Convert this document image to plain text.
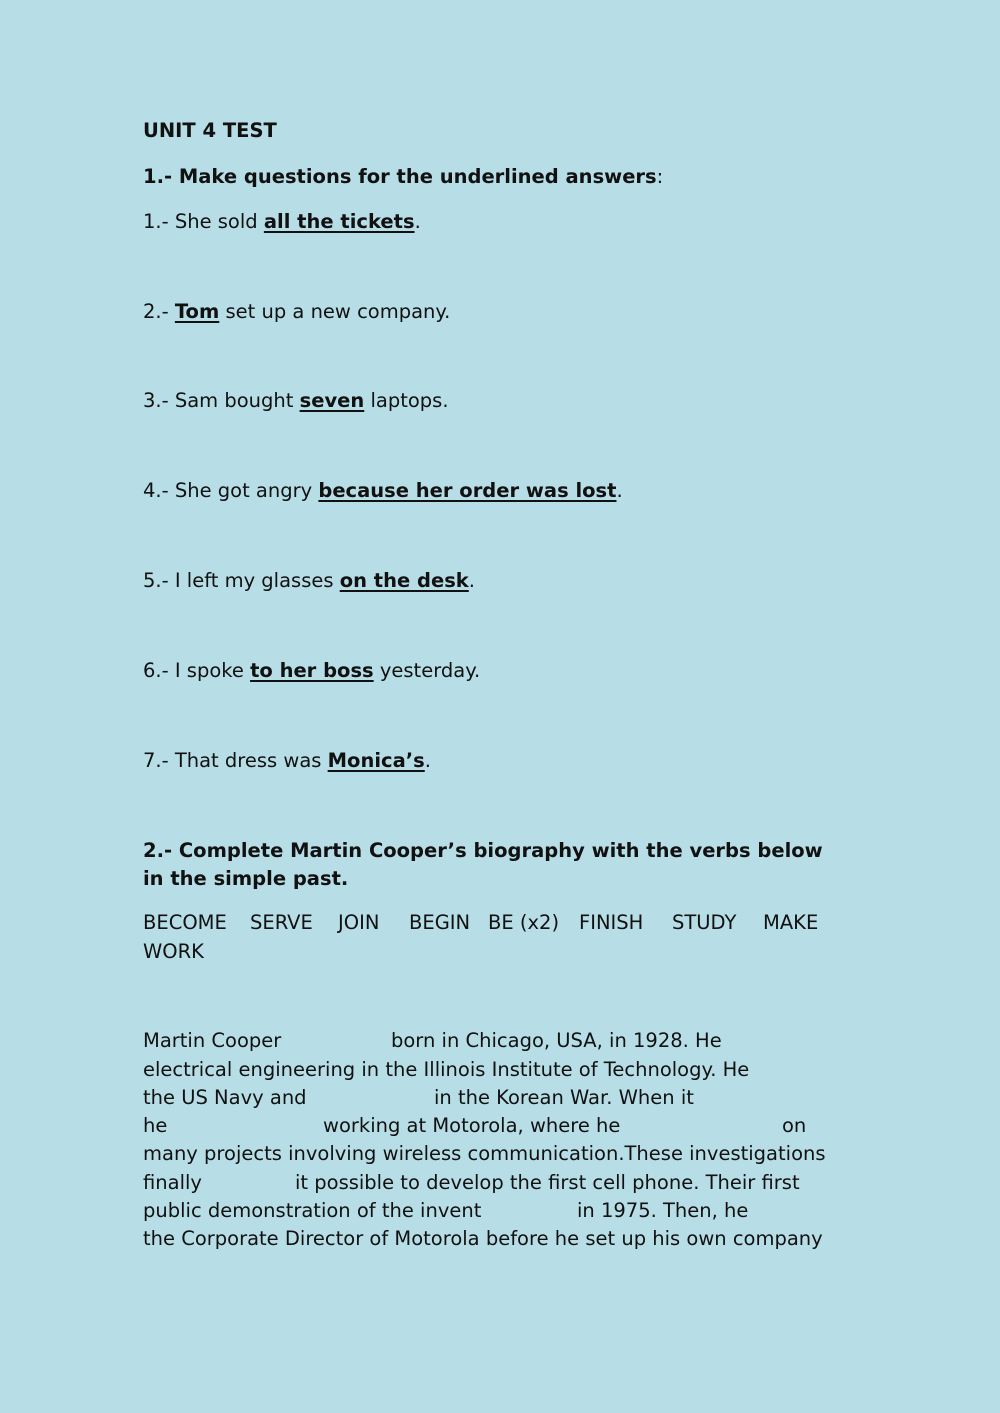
UNIT 4 TEST
1.- Make questions for the underlined answers:
1.- She sold all the tickets.
2.- Tom set up a new company.
3.- Sam bought seven laptops.
4.- She got angry because her order was lost.
5.- I left my glasses on the desk.
6.- I spoke to her boss yesterday.
7.- That dress was Monica’s.
2.- Complete Martin Cooper’s biography with the verbs below
in the simple past.
BECOME SERVE JOIN BEGIN BE (x2) FINISH STUDY MAKE
WORK
Martin Cooper	born in Chicago, USA, in 1928. He
electrical engineering in the Illinois Institute of Technology. He
the US Navy and	in the Korean War. When it
he	working at Motorola, where he	on
many projects involving wireless communication.These investigations
finally	it possible to develop the first cell phone. Their first
public demonstration of the invent	in 1975. Then, he
the Corporate Director of Motorola before he set up his own company
